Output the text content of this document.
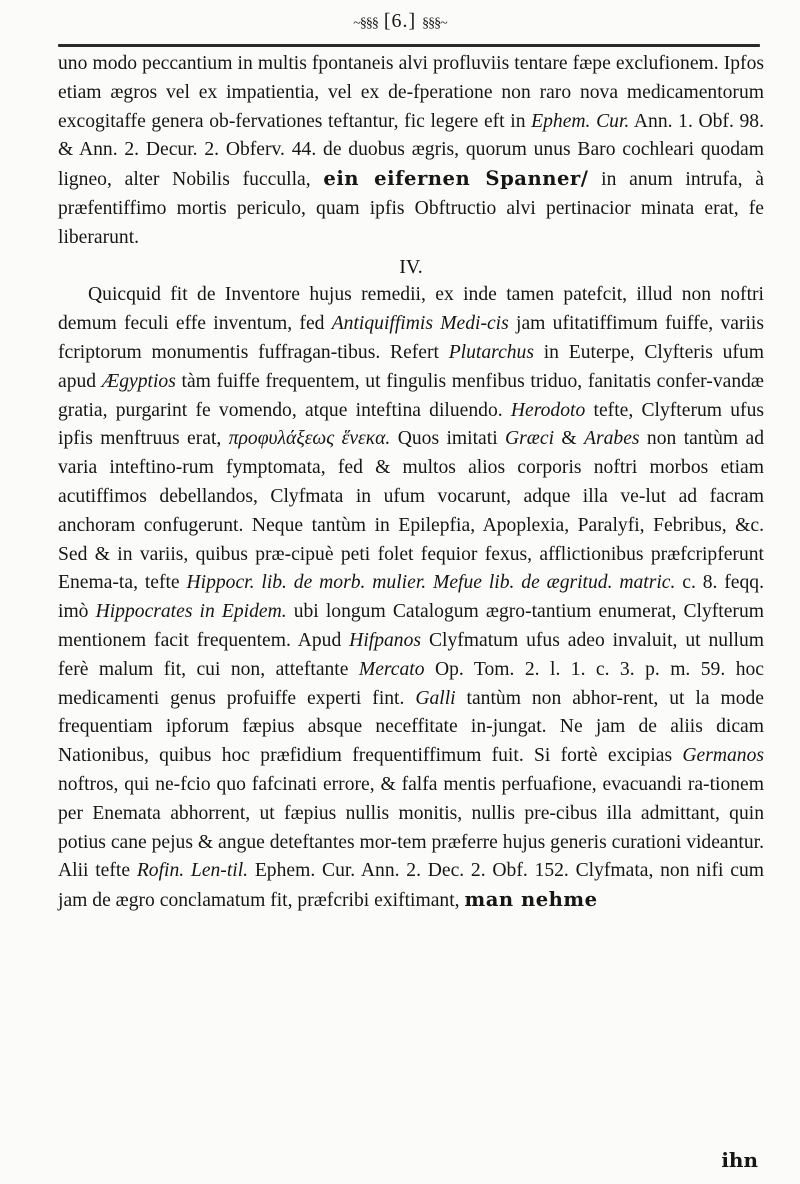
~§§§ [6.] §§§~

uno modo peccantium in multis fpontaneis alvi profluviis tentare fæpe exclufionem. Ipfos etiam ægros vel ex impatientia, vel ex de-fperatione non raro nova medicamentorum excogitaffe genera ob-fervationes teftantur, fic legere eft in Ephem. Cur. Ann. 1. Obf. 98. & Ann. 2. Decur. 2. Obferv. 44. de duobus ægris, quorum unus Baro cochleari quodam ligneo, alter Nobilis fucculla, ein eifernen Spanner/ in anum intrufa, à præfentiffimo mortis periculo, quam ipfis Obftructio alvi pertinacior minata erat, fe liberarunt.

IV.

Quicquid fit de Inventore hujus remedii, ex inde tamen patefcit, illud non noftri demum feculi effe inventum, fed Antiquiffimis Medi-cis jam ufitatiffimum fuiffe, variis fcriptorum monumentis fuffragan-tibus. Refert Plutarchus in Euterpe, Clyfteris ufum apud Ægyptios tàm fuiffe frequentem, ut fingulis menfibus triduo, fanitatis confer-vandæ gratia, purgarint fe vomendo, atque inteftina diluendo. Herodoto tefte, Clyfterum ufus ipfis menftruus erat, προφυλάξεως ἕνεκα. Quos imitati Græci & Arabes non tantùm ad varia inteftino-rum fymptomata, fed & multos alios corporis noftri morbos etiam acutiffimos debellandos, Clyfmata in ufum vocarunt, adque illa ve-lut ad facram anchoram confugerunt. Neque tantùm in Epilepfia, Apoplexia, Paralyfi, Febribus, &c. Sed & in variis, quibus præ-cipuè peti folet fequior fexus, afflictionibus præfcripferunt Enema-ta, tefte Hippocr. lib. de morb. mulier. Mefue lib. de ægritud. matric. c. 8. feqq. imò Hippocrates in Epidem. ubi longum Catalogum ægro-tantium enumerat, Clyfterum mentionem facit frequentem. Apud Hifpanos Clyfmatum ufus adeo invaluit, ut nullum ferè malum fit, cui non, atteftante Mercato Op. Tom. 2. l. 1. c. 3. p. m. 59. hoc medicamenti genus profuiffe experti fint. Galli tantùm non abhor-rent, ut la mode frequentiam ipforum fæpius absque neceffitate in-jungat. Ne jam de aliis dicam Nationibus, quibus hoc præfidium frequentiffimum fuit. Si fortè excipias Germanos noftros, qui ne-fcio quo fafcinati errore, & falfa mentis perfuafione, evacuandi ra-tionem per Enemata abhorrent, ut fæpius nullis monitis, nullis pre-cibus illa admittant, quin potius cane pejus & angue deteftantes mor-tem præferre hujus generis curationi videantur. Alii tefte Rofin. Len-til. Ephem. Cur. Ann. 2. Dec. 2. Obf. 152. Clyfmata, non nifi cum jam de ægro conclamatum fit, præfcribi exiftimant, man nehme

ihn
